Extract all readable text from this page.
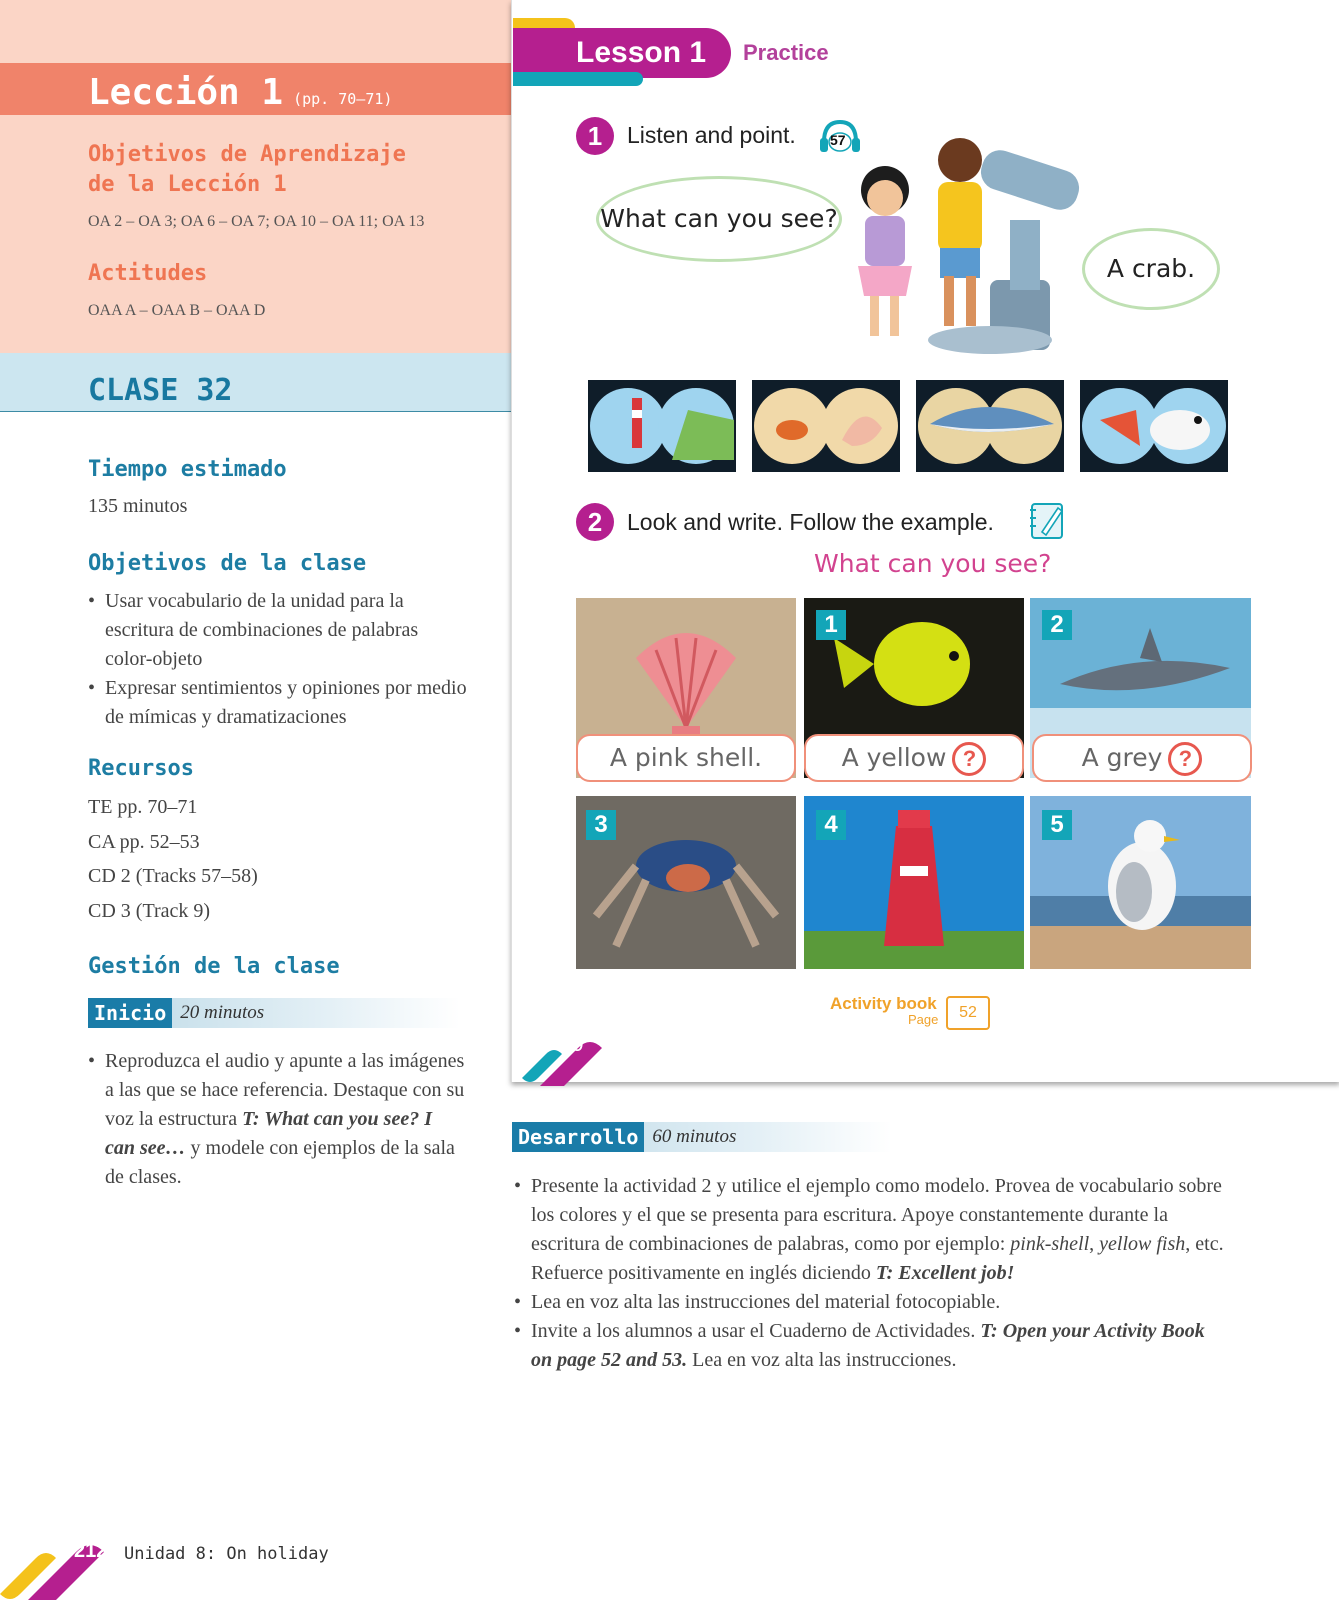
Lección 1 (pp. 70–71)
Objetivos de Aprendizaje
de la Lección 1
OA 2 – OA 3; OA 6 – OA 7; OA 10 – OA 11; OA 13
Actitudes
OAA A – OAA B – OAA D
CLASE 32
Tiempo estimado
135 minutos
Objetivos de la clase
• Usar vocabulario de la unidad para la escritura de combinaciones de palabras color-objeto
• Expresar sentimientos y opiniones por medio de mímicas y dramatizaciones
Recursos
TE pp. 70–71
CA pp. 52–53
CD 2 (Tracks 57–58)
CD 3 (Track 9)
Gestión de la clase
Inicio 20 minutos
• Reproduzca el audio y apunte a las imágenes a las que se hace referencia. Destaque con su voz la estructura T: What can you see? I can see… y modele con ejemplos de la sala de clases.
Lesson 1 Practice
1	Listen and point. 57
What can you see?
A crab.
2	Look and write. Follow the example.
What can you see?
1	2
A pink shell.	A yellow ?	A grey ?
3	4	5
Activity book
Page	52
70
Desarrollo 60 minutos
• Presente la actividad 2 y utilice el ejemplo como modelo. Provea de vocabulario sobre los colores y el que se presenta para escritura. Apoye constantemente durante la escritura de combinaciones de palabras, como por ejemplo: pink-shell, yellow fish, etc. Refuerce positivamente en inglés diciendo T: Excellent job!
• Lea en voz alta las instrucciones del material fotocopiable.
• Invite a los alumnos a usar el Cuaderno de Actividades. T: Open your Activity Book on page 52 and 53. Lea en voz alta las instrucciones.
212 Unidad 8: On holiday
